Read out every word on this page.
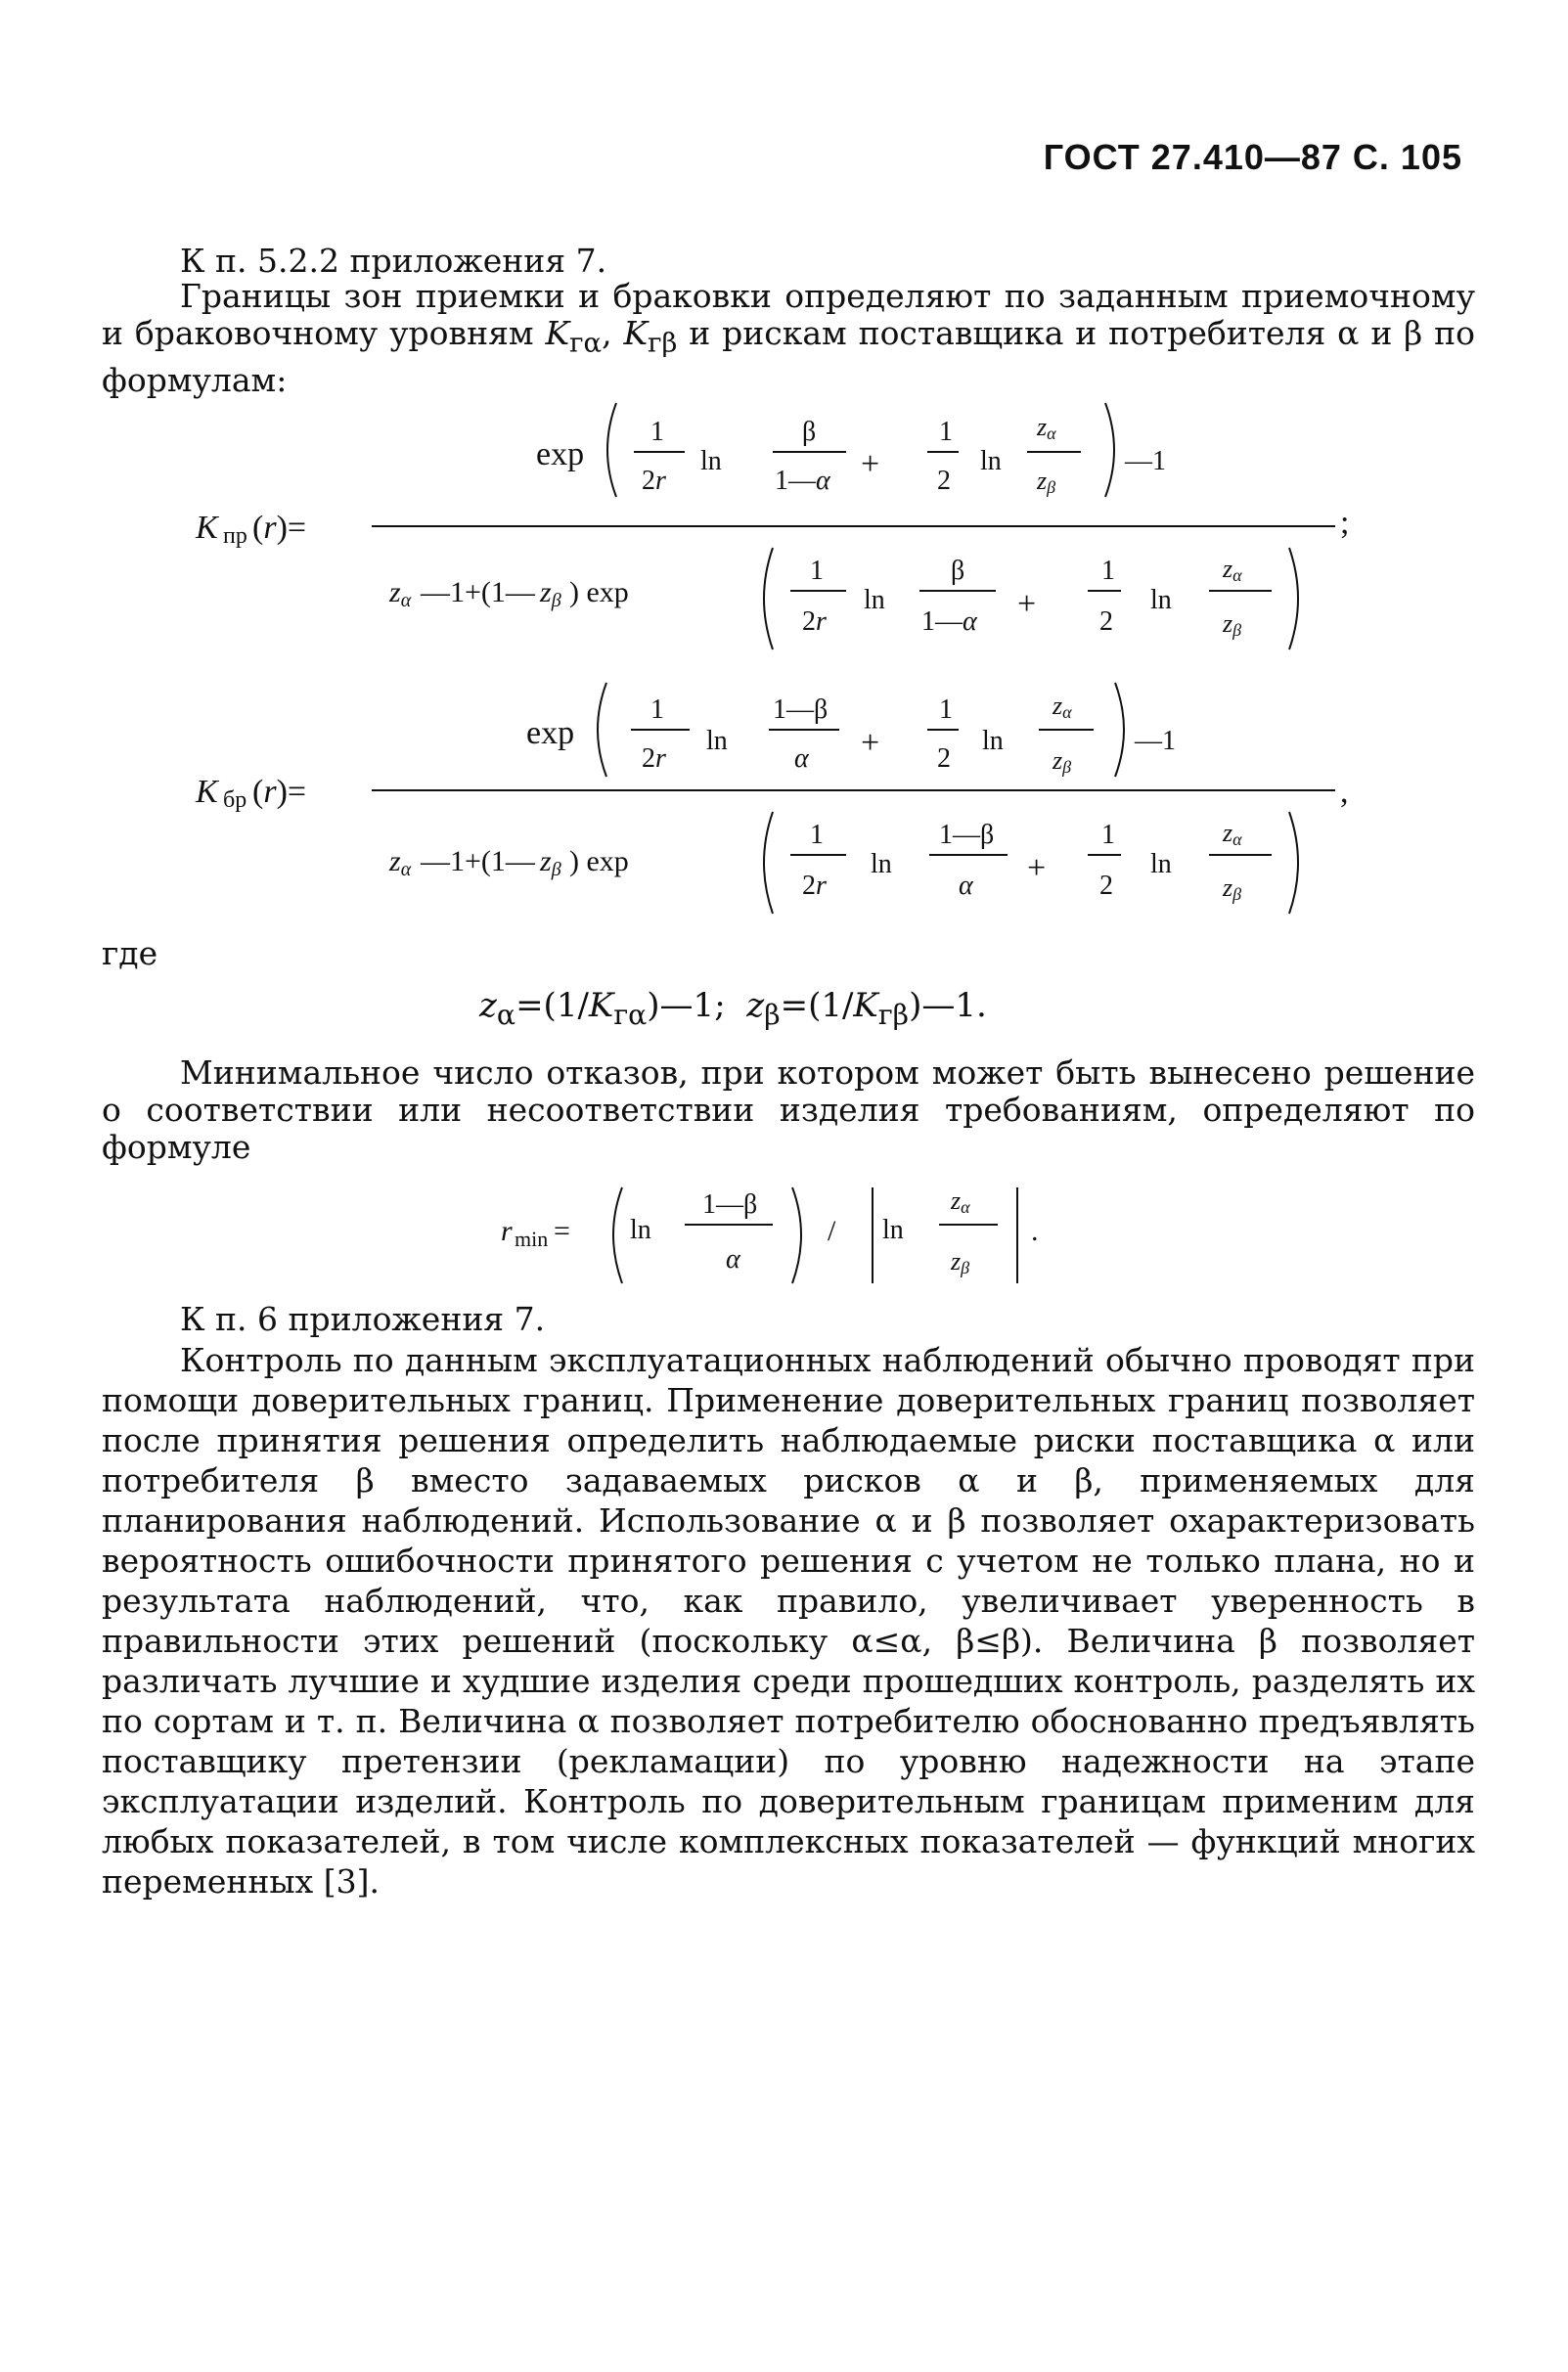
ГОСТ 27.410—87 С. 105
К п. 5.2.2 приложения 7.
Границы зон приемки и браковки определяют по заданным приемочному и браковочному уровням $K_{г\alpha}$, $K_{г\beta}$ и рискам поставщика и потребителя α и β по формулам:
K пр (r)=	;
exp
1
2r
ln
β
1—α +
1
2
ln
zα
zβ
—1
zα —1+(1— zβ ) exp
1
2r
ln
β
1—α +
1
2
ln
zα
zβ
K бр (r)=	,
exp
1
2r
ln
1—β
α +
1
2
ln
zα
zβ
—1
zα —1+(1— zβ ) exp
1
2r
ln
1—β
α +
1
2
ln
zα
zβ
где
$z_\alpha=(1/K_{г\alpha})—1$;  $z_\beta=(1/K_{г\beta})—1$.
Минимальное число отказов, при котором может быть вынесено решение о соответствии или несоответствии изделия требованиям, определяют по формуле
r min = ln
1—β
α
/ ln
zα
zβ
.
К п. 6 приложения 7.
Контроль по данным эксплуатационных наблюдений обычно проводят при помощи доверительных границ. Применение доверительных границ позволяет после принятия решения определить наблюдаемые риски поставщика α или потребителя β вместо задаваемых рисков α и β, применяемых для планирования наблюдений. Использование α и β позволяет охарактеризовать вероятность ошибочности принятого решения с учетом не только плана, но и результата наблюдений, что, как правило, увеличивает уверенность в правильности этих решений (поскольку α≤α, β≤β). Величина β позволяет различать лучшие и худшие изделия среди прошедших контроль, разделять их по сортам и т. п. Величина α позволяет потребителю обоснованно предъявлять поставщику претензии (рекламации) по уровню надежности на этапе эксплуатации изделий. Контроль по доверительным границам применим для любых показателей, в том числе комплексных показателей — функций многих переменных [3].
